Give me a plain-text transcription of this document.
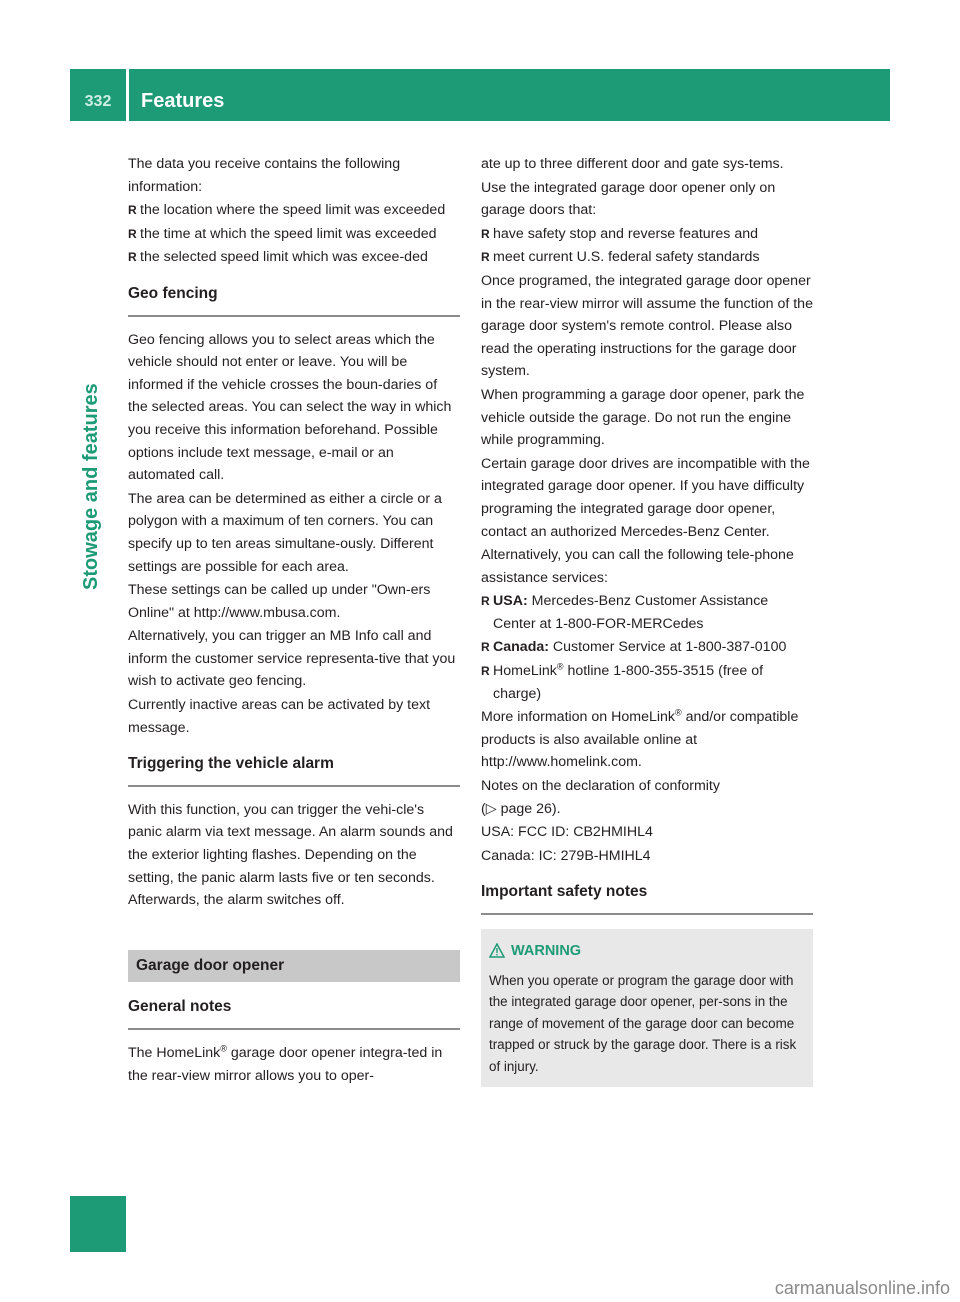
332	Features
Stowage and features

The data you receive contains the following information:

R the location where the speed limit was exceeded

R the time at which the speed limit was exceeded

R the selected speed limit which was excee-ded

Geo fencing

Geo fencing allows you to select areas which the vehicle should not enter or leave. You will be informed if the vehicle crosses the boun-daries of the selected areas. You can select the way in which you receive this information beforehand. Possible options include text message, e-mail or an automated call.

The area can be determined as either a circle or a polygon with a maximum of ten corners. You can specify up to ten areas simultane-ously. Different settings are possible for each area.

These settings can be called up under "Own-ers Online" at http://www.mbusa.com.

Alternatively, you can trigger an MB Info call and inform the customer service representa-tive that you wish to activate geo fencing.

Currently inactive areas can be activated by text message.

Triggering the vehicle alarm

With this function, you can trigger the vehi-cle's panic alarm via text message. An alarm sounds and the exterior lighting flashes. Depending on the setting, the panic alarm lasts five or ten seconds. Afterwards, the alarm switches off.

Garage door opener
General notes

The HomeLink® garage door opener integra-ted in the rear-view mirror allows you to oper-

ate up to three different door and gate sys-tems.

Use the integrated garage door opener only on garage doors that:

R have safety stop and reverse features and

R meet current U.S. federal safety standards

Once programed, the integrated garage door opener in the rear-view mirror will assume the function of the garage door system's remote control. Please also read the operating instructions for the garage door system.

When programming a garage door opener, park the vehicle outside the garage. Do not run the engine while programming.

Certain garage door drives are incompatible with the integrated garage door opener. If you have difficulty programing the integrated garage door opener, contact an authorized Mercedes-Benz Center.

Alternatively, you can call the following tele-phone assistance services:

R USA: Mercedes-Benz Customer Assistance Center at 1-800-FOR-MERCedes

R Canada: Customer Service at 1-800-387-0100

R HomeLink® hotline 1-800-355-3515 (free of charge)

More information on HomeLink® and/or compatible products is also available online at http://www.homelink.com.

Notes on the declaration of conformity
(▷ page 26).

USA: FCC ID: CB2HMIHL4

Canada: IC: 279B-HMIHL4

Important safety notes
WARNING
When you operate or program the garage door with the integrated garage door opener, per-sons in the range of movement of the garage door can become trapped or struck by the garage door. There is a risk of injury.
carmanualsonline.info
